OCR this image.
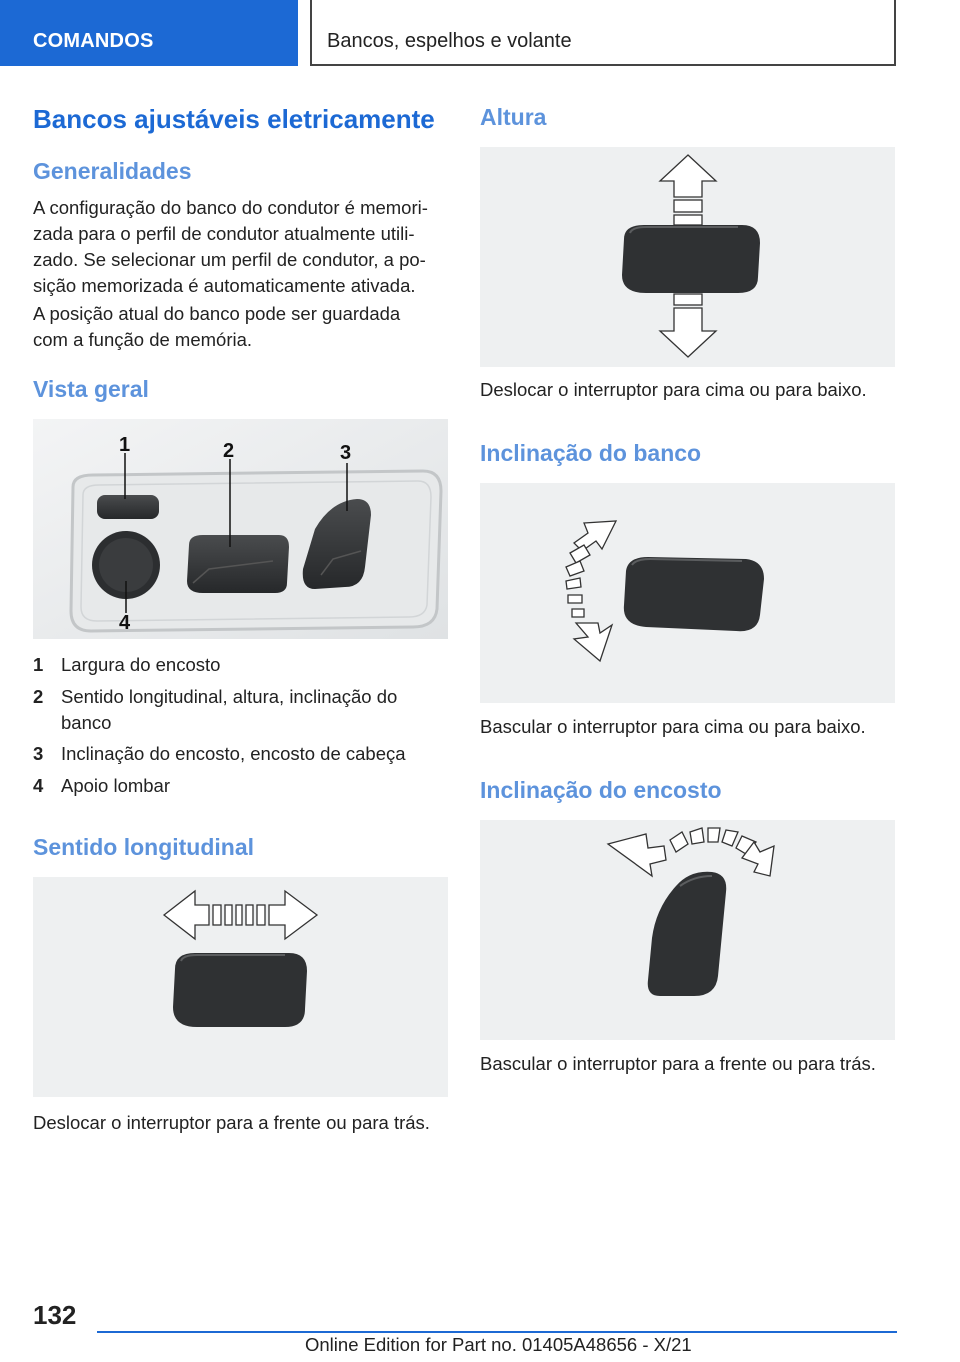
COMANDOS	Bancos, espelhos e volante
Bancos ajustáveis eletricamente
Generalidades
A configuração do banco do condutor é memori-
zada para o perfil de condutor atualmente utili-
zado. Se selecionar um perfil de condutor, a po-
sição memorizada é automaticamente ativada.
A posição atual do banco pode ser guardada
com a função de memória.
Vista geral
1	2	3
4
1 Largura do encosto
2 Sentido longitudinal, altura, inclinação do banco
3 Inclinação do encosto, encosto de cabeça
4 Apoio lombar
Sentido longitudinal
Deslocar o interruptor para a frente ou para trás.
Altura
Deslocar o interruptor para cima ou para baixo.
Inclinação do banco
Bascular o interruptor para cima ou para baixo.
Inclinação do encosto
Bascular o interruptor para a frente ou para trás.
132
Online Edition for Part no. 01405A48656 - X/21
